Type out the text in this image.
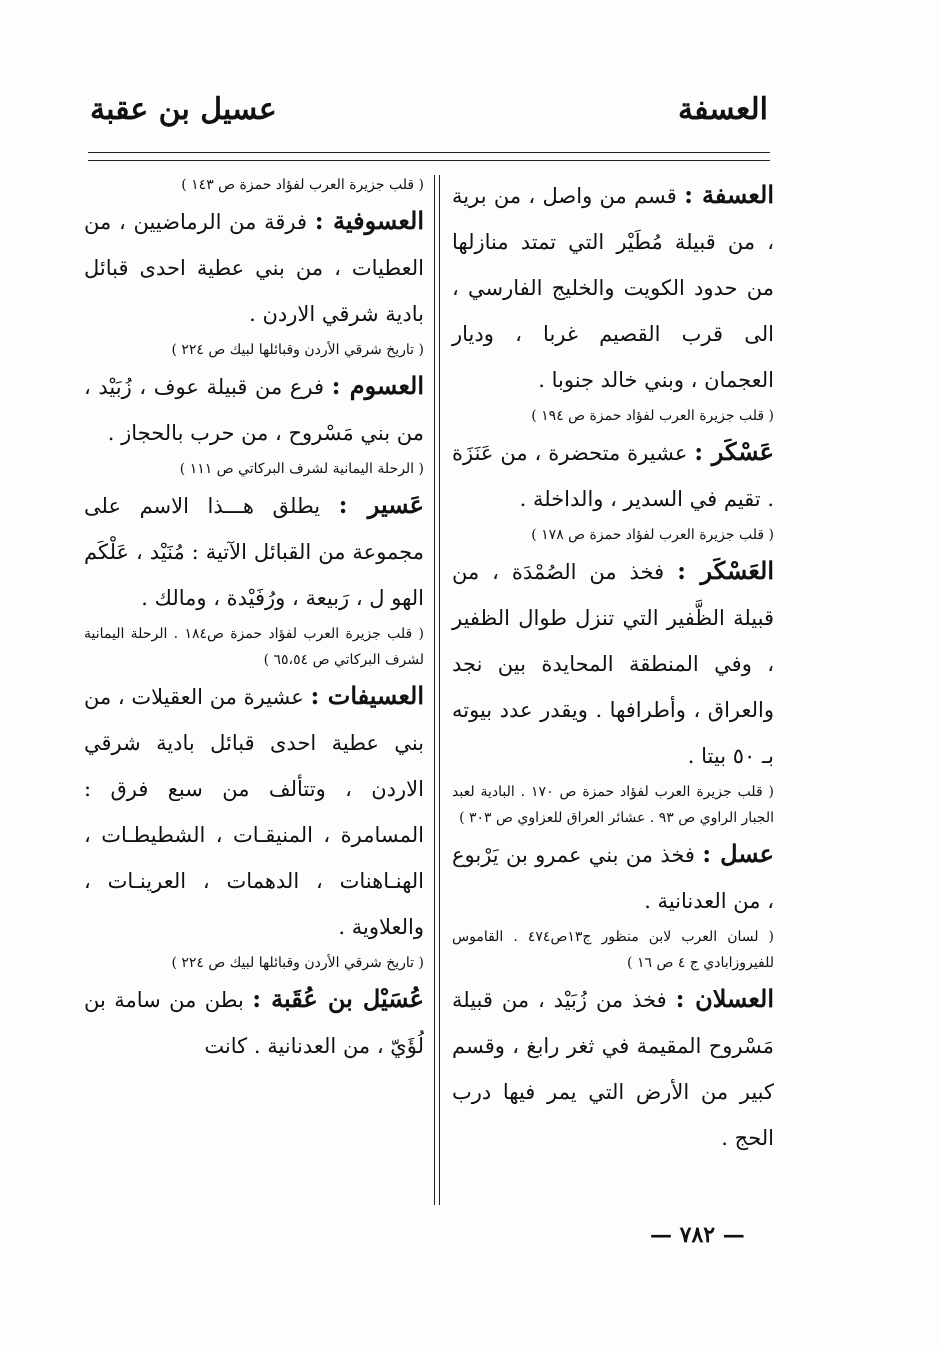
العسفة
عسيل بن عقبة

العسفة : قسم من واصل ، من برية ، من قبيلة مُطَيْر التي تمتد منازلها من حدود الكويت والخليج الفارسي ، الى قرب القصيم غربا ، وديار العجمان ، وبني خالد جنوبا .

( قلب جزيرة العرب لفؤاد حمزة ص ١٩٤ )

عَسْكَر : عشيرة متحضرة ، من عَنَزَة . تقيم في السدير ، والداخلة .

( قلب جزيرة العرب لفؤاد حمزة ص ١٧٨ )

العَسْكَر : فخذ من الصُمْدَة ، من قبيلة الظَّفير التي تنزل طوال الظفير ، وفي المنطقة المحايدة بين نجد والعراق ، وأطرافها . ويقدر عدد بيوته بـ ٥٠ بيتا .

( قلب جزيرة العرب لفؤاد حمزة ص ١٧٠ . البادية لعبد الجبار الراوي ص ٩٣ . عشائر العراق للعزاوي ص ٣٠٣ )

عسل : فخذ من بني عمرو بن يَرْبوع ، من العدنانية .

( لسان العرب لابن منظور ج١٣ص٤٧٤ . القاموس للفيروزابادي ج ٤ ص ١٦ )

العسلان : فخذ من زُبَيْد ، من قبيلة مَسْروح المقيمة في ثغر رابغ ، وقسم كبير من الأرض التي يمر فيها درب الحج .

( قلب جزيرة العرب لفؤاد حمزة ص ١٤٣ )

العسوفية : فرقة من الرماضيين ، من العطيات ، من بني عطية احدى قبائل بادية شرقي الاردن .

( تاريخ شرقي الأردن وقبائلها لبيك ص ٢٢٤ )

العسوم : فرع من قبيلة عوف ، زُبَيْد ، من بني مَسْروح ، من حرب بالحجاز .

( الرحلة اليمانية لشرف البركاتي ص ١١١ )

عَسير : يطلق هـــذا الاسم على مجموعة من القبائل الآتية : مُنَيْد ، عَلْكَم الهو ل ، رَبيعة ، ورُفَيْدة ، ومالك .

( قلب جزيرة العرب لفؤاد حمزة ص١٨٤ . الرحلة اليمانية لشرف البركاتي ص ٦٥،٥٤ )

العسيفات : عشيرة من العقيلات ، من بني عطية احدى قبائل بادية شرقي الاردن ، وتتألف من سبع فرق : المسامرة ، المنيقـات ، الشطيطـات ، الهنـاهنات ، الدهمات ، العرينـات ، والعلاوية .

( تاريخ شرقي الأردن وقبائلها لبيك ص ٢٢٤ )

عُسَيْل بن عُقَبة : بطن من سامة بن لُؤَيّ ، من العدنانية . كانت

— ٧٨٢ —
